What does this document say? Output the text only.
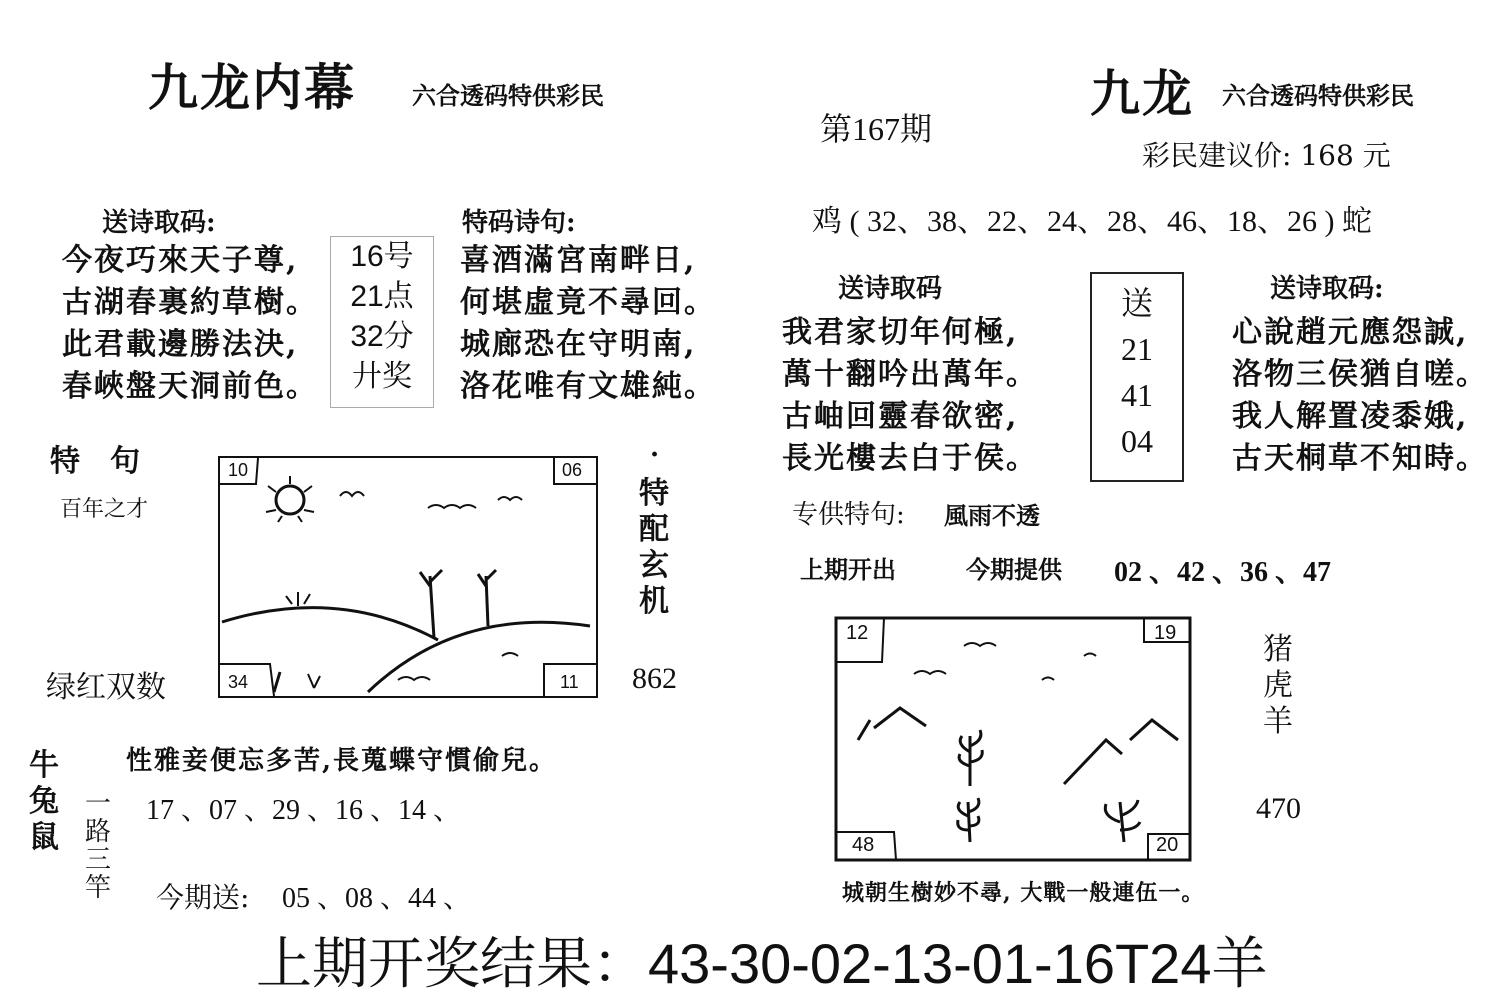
九龙内幕 六合透码特供彩民
送诗取码:
今夜巧來天子尊,
古湖春裏約草樹。
此君載邊勝法決,
春峽盤天洞前色。
16号
21点
32分
廾奖
特码诗句:
喜酒滿宮南畔日,
何堪虛竟不尋回。
城廊恐在守明南,
洛花唯有文雄純。
特　句
百年之才
10	06
34	11
·
特
配
玄
机
绿红双数	862
性雅妾便忘多苦,長蒐蝶守慣偷兒。
牛
兔
鼠
一
路
三
竿
17 、07 、29 、16 、14 、
今期送: 05 、08 、44 、
九龙 六合透码特供彩民
第167期
彩民建议价: 168 元
鸡 ( 32、38、22、24、28、46、18、26 ) 蛇
送诗取码
我君家切年何極,
萬十翻吟出萬年。
古岫回靈春欲密,
長光樓去白于侯。
送
21
41
04
送诗取码:
心說趙元應怨誠,
洛物三侯猶自嗟。
我人解置凌黍娥,
古天桐草不知時。
专供特句: 風雨不透
上期开出	今期提供 02 、42 、36 、47
12	19
48	20
猪
虎
羊
470
城朝生樹妙不尋, 大戰一般連伍一。
上期开奖结果：43-30-02-13-01-16T24羊
